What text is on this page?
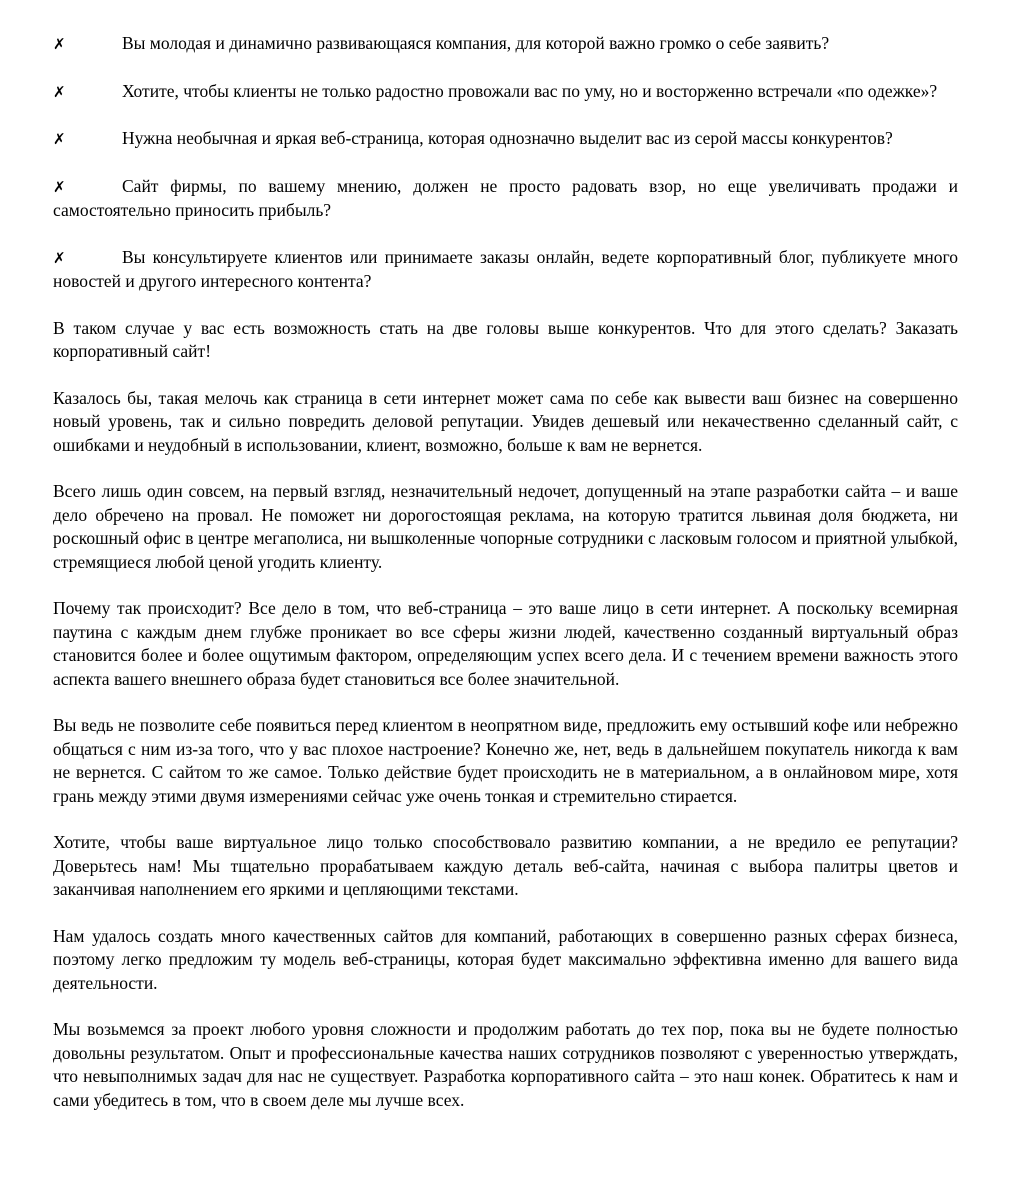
✗	Вы молодая и динамично развивающаяся компания, для которой важно громко о себе заявить?

✗	Хотите, чтобы клиенты не только радостно провожали вас по уму, но и восторженно встречали «по одежке»?

✗	Нужна необычная и яркая веб-страница, которая однозначно выделит вас из серой массы конкурентов?

✗	Сайт фирмы, по вашему мнению, должен не просто радовать взор, но еще увеличивать продажи и самостоятельно приносить прибыль?

✗	Вы консультируете клиентов или принимаете заказы онлайн, ведете корпоративный блог, публикуете много новостей и другого интересного контента?

В таком случае у вас есть возможность стать на две головы выше конкурентов. Что для этого сделать? Заказать корпоративный сайт!

Казалось бы, такая мелочь как страница в сети интернет может сама по себе как вывести ваш бизнес на совершенно новый уровень, так и сильно повредить деловой репутации. Увидев дешевый или некачественно сделанный сайт, с ошибками и неудобный в использовании, клиент, возможно, больше к вам не вернется.

Всего лишь один совсем, на первый взгляд, незначительный недочет, допущенный на этапе разработки сайта – и ваше дело обречено на провал. Не поможет ни дорогостоящая реклама, на которую тратится львиная доля бюджета, ни роскошный офис в центре мегаполиса, ни вышколенные чопорные сотрудники с ласковым голосом и приятной улыбкой, стремящиеся любой ценой угодить клиенту.

Почему так происходит? Все дело в том, что веб-страница – это ваше лицо в сети интернет. А поскольку всемирная паутина с каждым днем глубже проникает во все сферы жизни людей, качественно созданный виртуальный образ становится более и более ощутимым фактором, определяющим успех всего дела. И с течением времени важность этого аспекта вашего внешнего образа будет становиться все более значительной.

Вы ведь не позволите себе появиться перед клиентом в неопрятном виде, предложить ему остывший кофе или небрежно общаться с ним из-за того, что у вас плохое настроение? Конечно же, нет, ведь в дальнейшем покупатель никогда к вам не вернется. С сайтом то же самое. Только действие будет происходить не в материальном, а в онлайновом мире, хотя грань между этими двумя измерениями сейчас уже очень тонкая и стремительно стирается.

Хотите, чтобы ваше виртуальное лицо только способствовало развитию компании, а не вредило ее репутации? Доверьтесь нам! Мы тщательно прорабатываем каждую деталь веб-сайта, начиная с выбора палитры цветов и заканчивая наполнением его яркими и цепляющими текстами.

Нам удалось создать много качественных сайтов для компаний, работающих в совершенно разных сферах бизнеса, поэтому легко предложим ту модель веб-страницы, которая будет максимально эффективна именно для вашего вида деятельности.

Мы возьмемся за проект любого уровня сложности и продолжим работать до тех пор, пока вы не будете полностью довольны результатом. Опыт и профессиональные качества наших сотрудников позволяют с уверенностью утверждать, что невыполнимых задач для нас не существует. Разработка корпоративного сайта – это наш конек. Обратитесь к нам и сами убедитесь в том, что в своем деле мы лучше всех.
